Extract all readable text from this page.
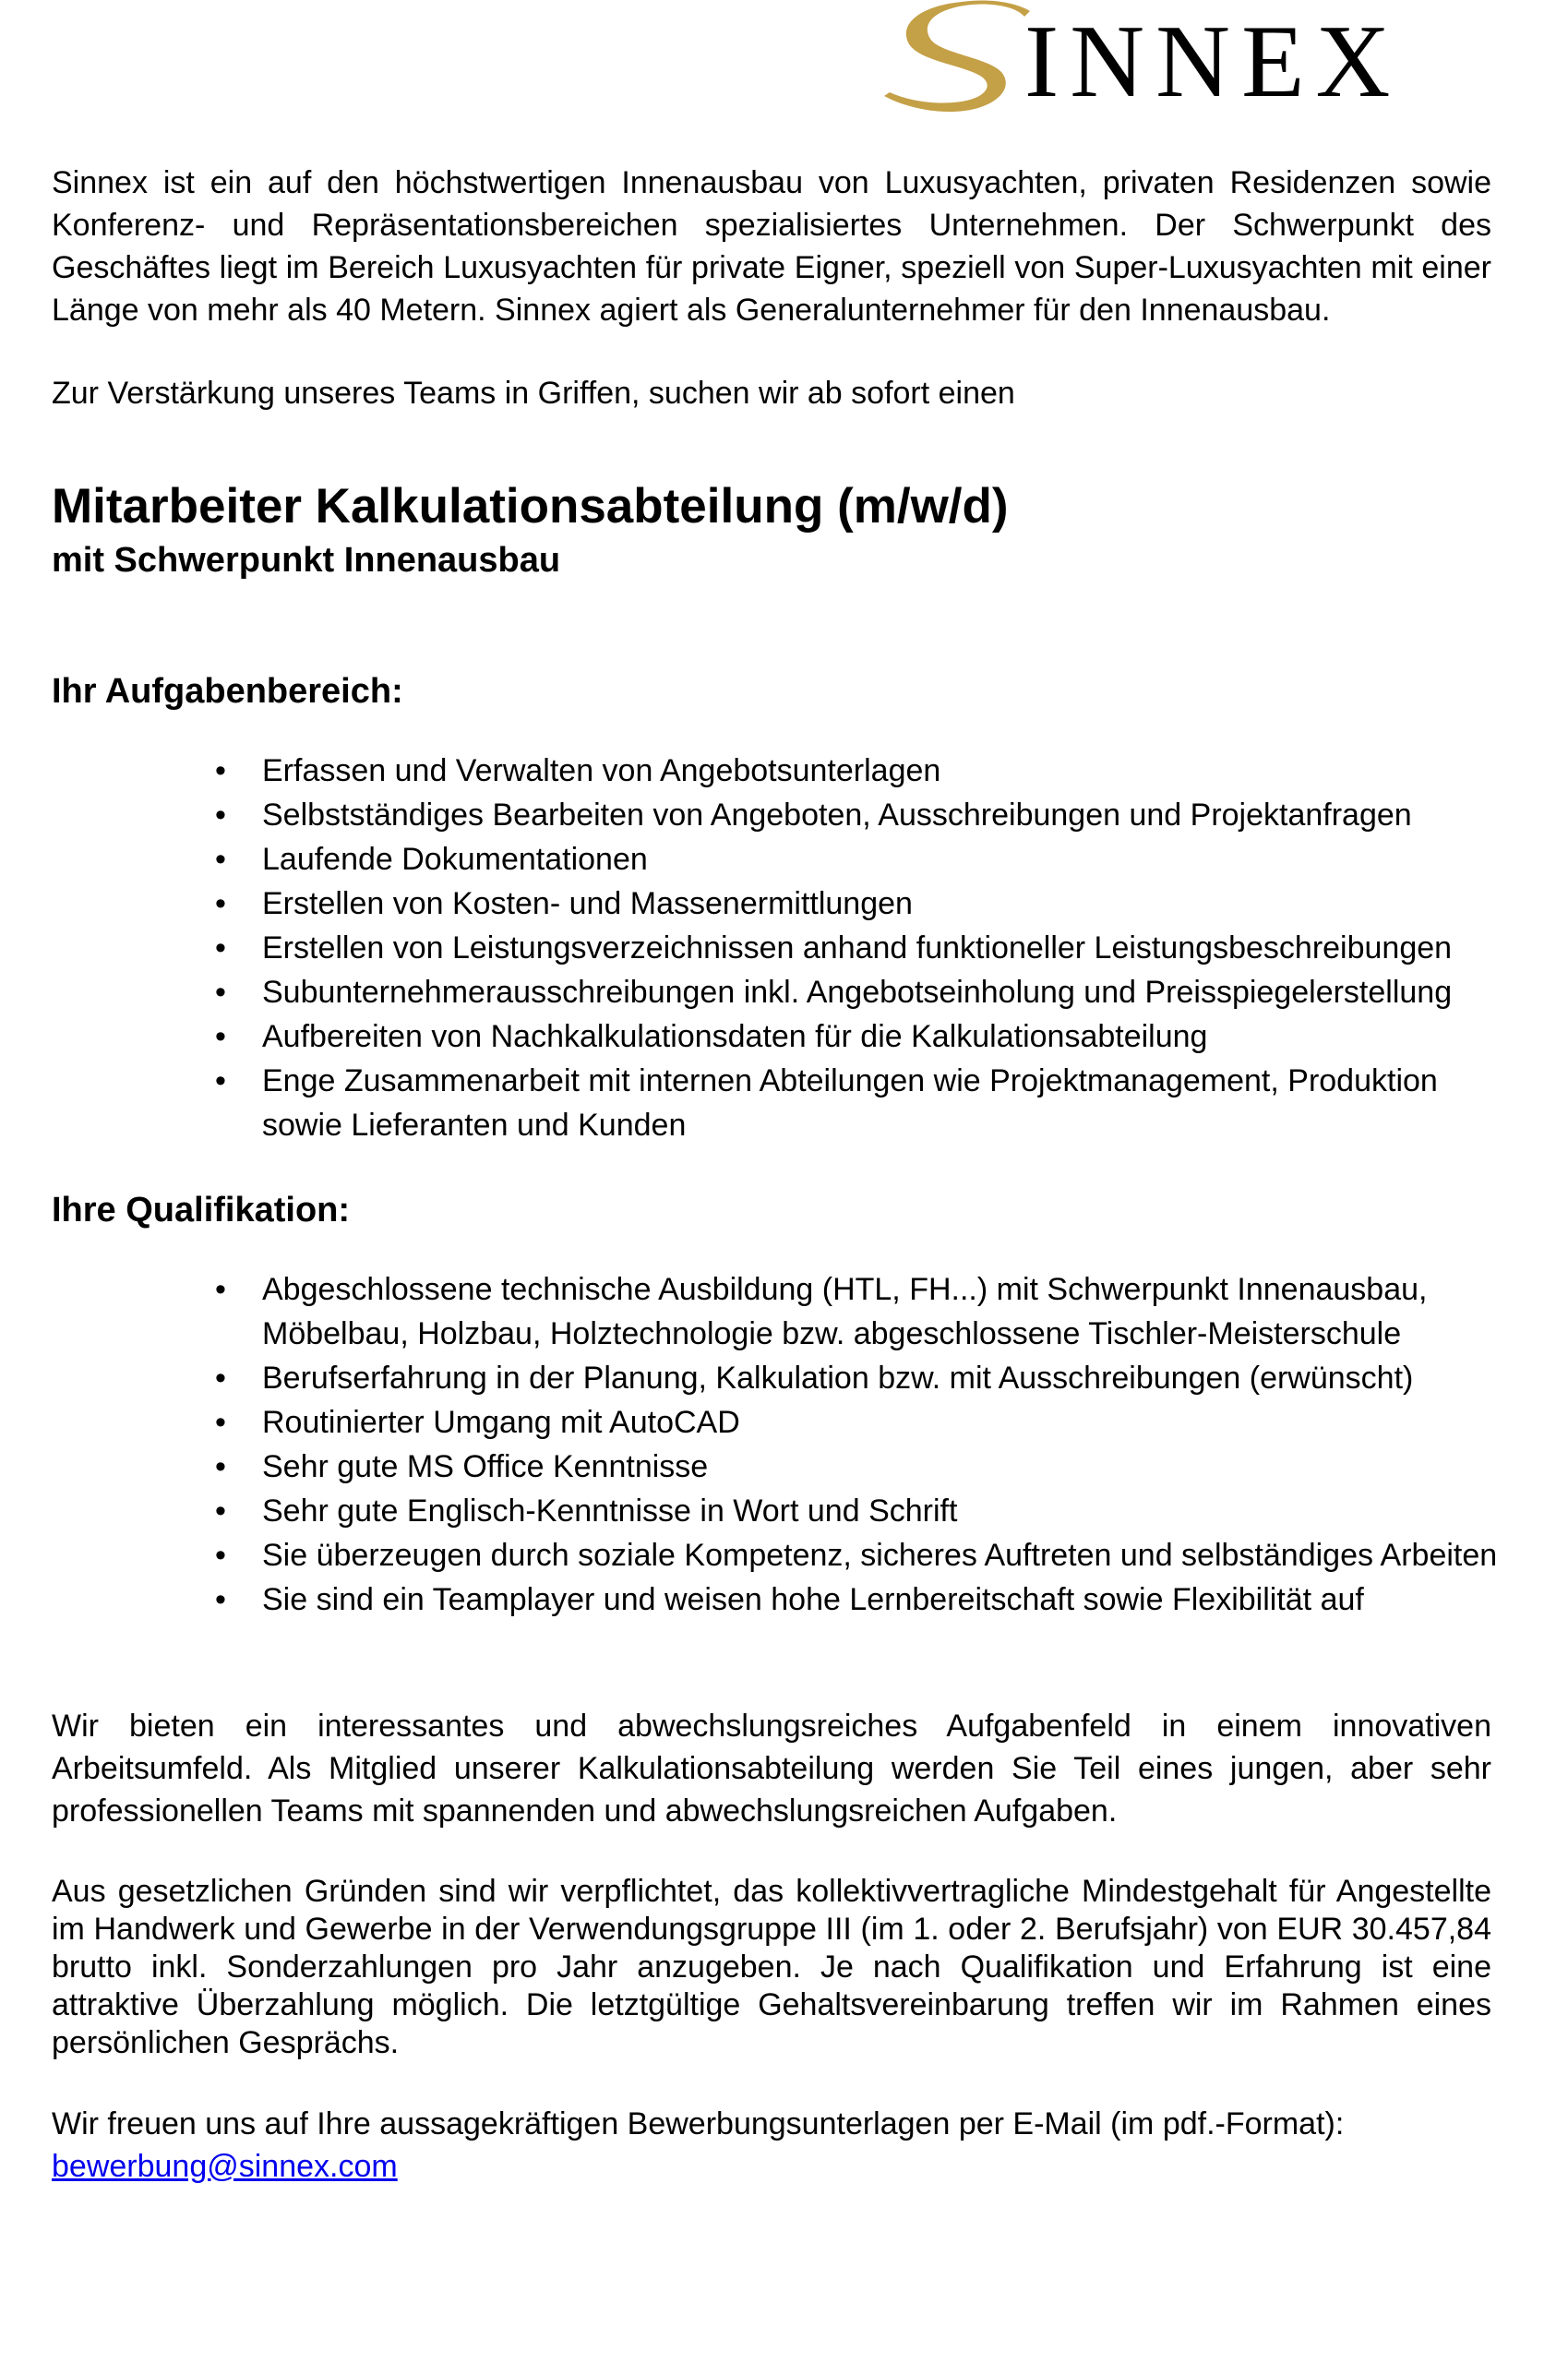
INNEX

Sinnex ist ein auf den höchstwertigen Innenausbau von Luxusyachten, privaten Residenzen sowie Konferenz- und Repräsentationsbereichen spezialisiertes Unternehmen. Der Schwerpunkt des Geschäftes liegt im Bereich Luxusyachten für private Eigner, speziell von Super-Luxusyachten mit einer Länge von mehr als 40 Metern. Sinnex agiert als Generalunternehmer für den Innenausbau.

Zur Verstärkung unseres Teams in Griffen, suchen wir ab sofort einen

Mitarbeiter Kalkulationsabteilung (m/w/d)
mit Schwerpunkt Innenausbau
Ihr Aufgabenbereich:
• Erfassen und Verwalten von Angebotsunterlagen
• Selbstständiges Bearbeiten von Angeboten, Ausschreibungen und Projektanfragen
• Laufende Dokumentationen
• Erstellen von Kosten- und Massenermittlungen
• Erstellen von Leistungsverzeichnissen anhand funktioneller Leistungsbeschreibungen
• Subunternehmerausschreibungen inkl. Angebotseinholung und Preisspiegelerstellung
• Aufbereiten von Nachkalkulationsdaten für die Kalkulationsabteilung
• Enge Zusammenarbeit mit internen Abteilungen wie Projektmanagement, Produktion sowie Lieferanten und Kunden
Ihre Qualifikation:
• Abgeschlossene technische Ausbildung (HTL, FH...) mit Schwerpunkt Innenausbau, Möbelbau, Holzbau, Holztechnologie bzw. abgeschlossene Tischler-Meisterschule
• Berufserfahrung in der Planung, Kalkulation bzw. mit Ausschreibungen (erwünscht)
• Routinierter Umgang mit AutoCAD
• Sehr gute MS Office Kenntnisse
• Sehr gute Englisch-Kenntnisse in Wort und Schrift
• Sie überzeugen durch soziale Kompetenz, sicheres Auftreten und selbständiges Arbeiten
• Sie sind ein Teamplayer und weisen hohe Lernbereitschaft sowie Flexibilität auf

Wir bieten ein interessantes und abwechslungsreiches Aufgabenfeld in einem innovativen Arbeitsumfeld. Als Mitglied unserer Kalkulationsabteilung werden Sie Teil eines jungen, aber sehr professionellen Teams mit spannenden und abwechslungsreichen Aufgaben.

Aus gesetzlichen Gründen sind wir verpflichtet, das kollektivvertragliche Mindestgehalt für Angestellte im Handwerk und Gewerbe in der Verwendungsgruppe III (im 1. oder 2. Berufsjahr) von EUR 30.457,84 brutto inkl. Sonderzahlungen pro Jahr anzugeben. Je nach Qualifikation und Erfahrung ist eine attraktive Überzahlung möglich. Die letztgültige Gehaltsvereinbarung treffen wir im Rahmen eines persönlichen Gesprächs.

Wir freuen uns auf Ihre aussagekräftigen Bewerbungsunterlagen per E-Mail (im pdf.-Format):

bewerbung@sinnex.com
